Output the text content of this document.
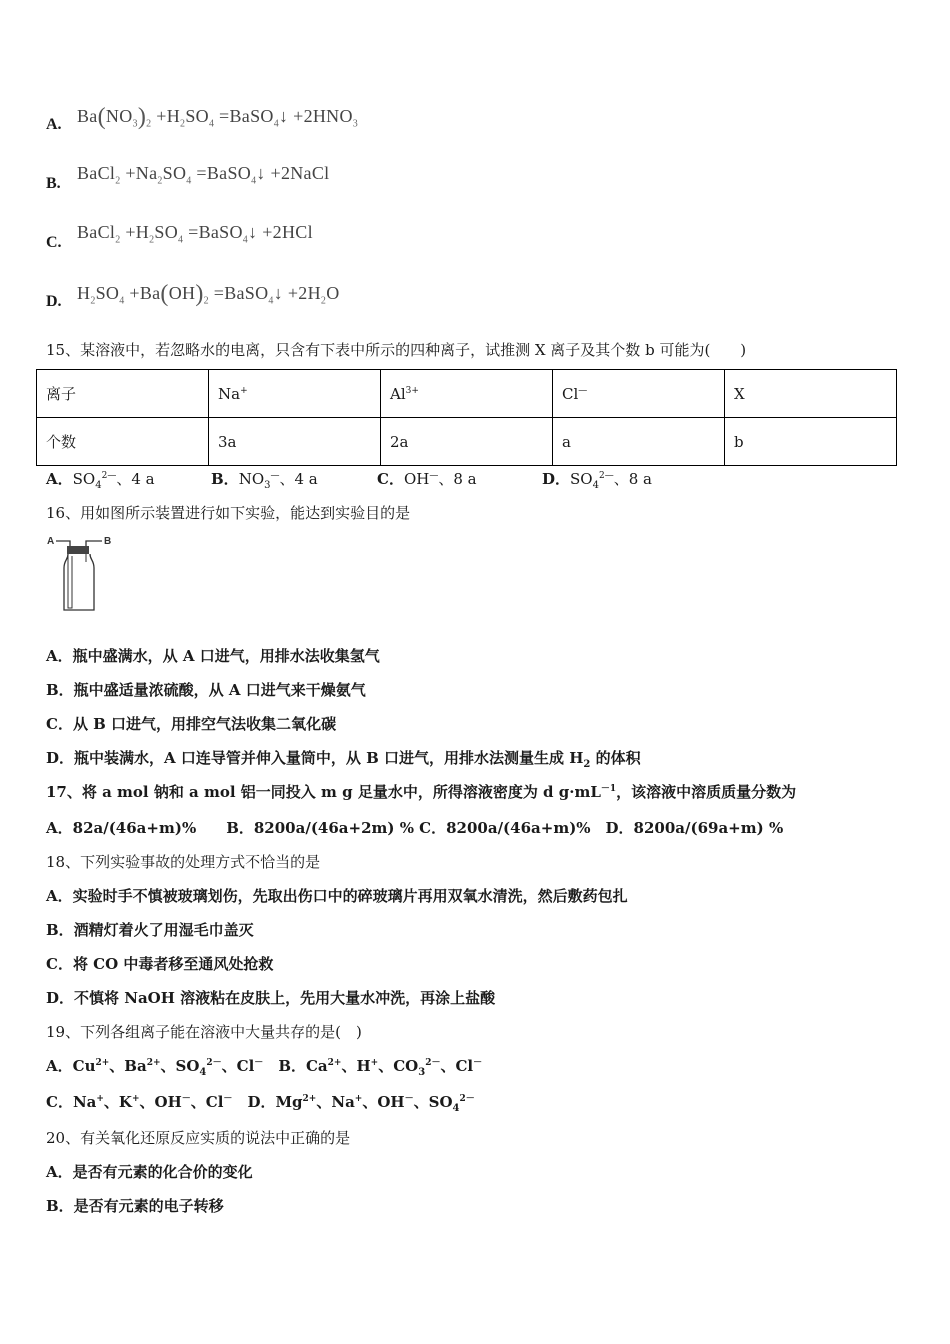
A. $Ba(NO_3)_2 +H_2SO_4$ =BaSO$_4$↓ $+2HNO_3$
B.
BaCl$_2$ $+Na_2SO_4$ =BaSO$_4$↓ +2NaCl
C.
BaCl$_2$ $+H_2SO_4$ =BaSO$_4$↓ +2HCl
D. $H_2SO_4 +Ba(OH)_2$ =BaSO$_4$↓ $+2H_2O$
15、某溶液中，若忽略水的电离，只含有下表中所示的四种离子，试推测 X 离子及其个数 b 可能为(　　)
离子	Na+	$Al^{3+}$	Cl—	X
个数	3a	2a	a	b
A．$SO_4^{2—}$、4 a	B．$NO_3^—$、4 a	C．OH—、8 a	D．$SO_4^{2—}$、8 a
16、用如图所示装置进行如下实验，能达到实验目的是
A	B
A．瓶中盛满水，从 A 口进气，用排水法收集氢气
B．瓶中盛适量浓硫酸，从 A 口进气来干燥氨气
C．从 B 口进气，用排空气法收集二氧化碳
D．瓶中装满水，A 口连导管并伸入量筒中，从 B 口进气，用排水法测量生成 $H_2$ 的体积
17、将 a mol 钠和 a mol 铝一同投入 m g 足量水中，所得溶液密度为 d $g\cdot mL^{-1}$，该溶液中溶质质量分数为
A．82a/(46a+m)%　　B．8200a/(46a+2m) % C．8200a/(46a+m)%　D．8200a/(69a+m) %
18、下列实验事故的处理方式不恰当的是
A．实验时手不慎被玻璃划伤，先取出伤口中的碎玻璃片再用双氧水清洗，然后敷药包扎
B．酒精灯着火了用湿毛巾盖灭
C．将 CO 中毒者移至通风处抢救
D．不慎将 NaOH 溶液粘在皮肤上，先用大量水冲洗，再涂上盐酸
19、下列各组离子能在溶液中大量共存的是(　)
A．$Cu^{2+}$、$Ba^{2+}$、$SO_4^{2-}$、Cl－　B．$Ca^{2+}$、H+、$CO_3^{2-}$、Cl－
C．Na+、K+、OH－、Cl－　D．$Mg^{2+}$、Na+、OH－、$SO_4^{2-}$
20、有关氧化还原反应实质的说法中正确的是
A．是否有元素的化合价的变化
B．是否有元素的电子转移
